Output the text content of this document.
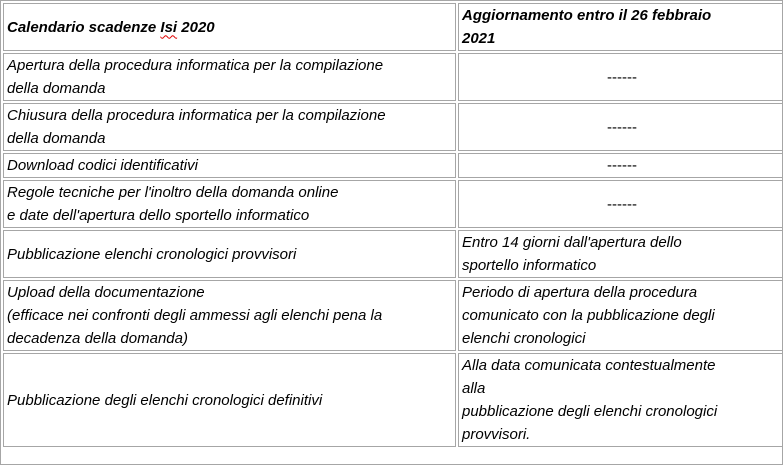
Calendario scadenze Isi 2020	Aggiornamento entro il 26 febbraio
2021

Apertura della procedura informatica per la compilazione
della domanda	------

Chiusura della procedura informatica per la compilazione
della domanda	------

Download codici identificativi	------

Regole tecniche per l'inoltro della domanda online
e date dell'apertura dello sportello informatico	------

Pubblicazione elenchi cronologici provvisori	Entro 14 giorni dall'apertura dello
sportello informatico

Upload della documentazione
(efficace nei confronti degli ammessi agli elenchi pena la
decadenza della domanda)	Periodo di apertura della procedura
comunicato con la pubblicazione degli
elenchi cronologici

Pubblicazione degli elenchi cronologici definitivi	Alla data comunicata contestualmente
alla
pubblicazione degli elenchi cronologici
provvisori.
